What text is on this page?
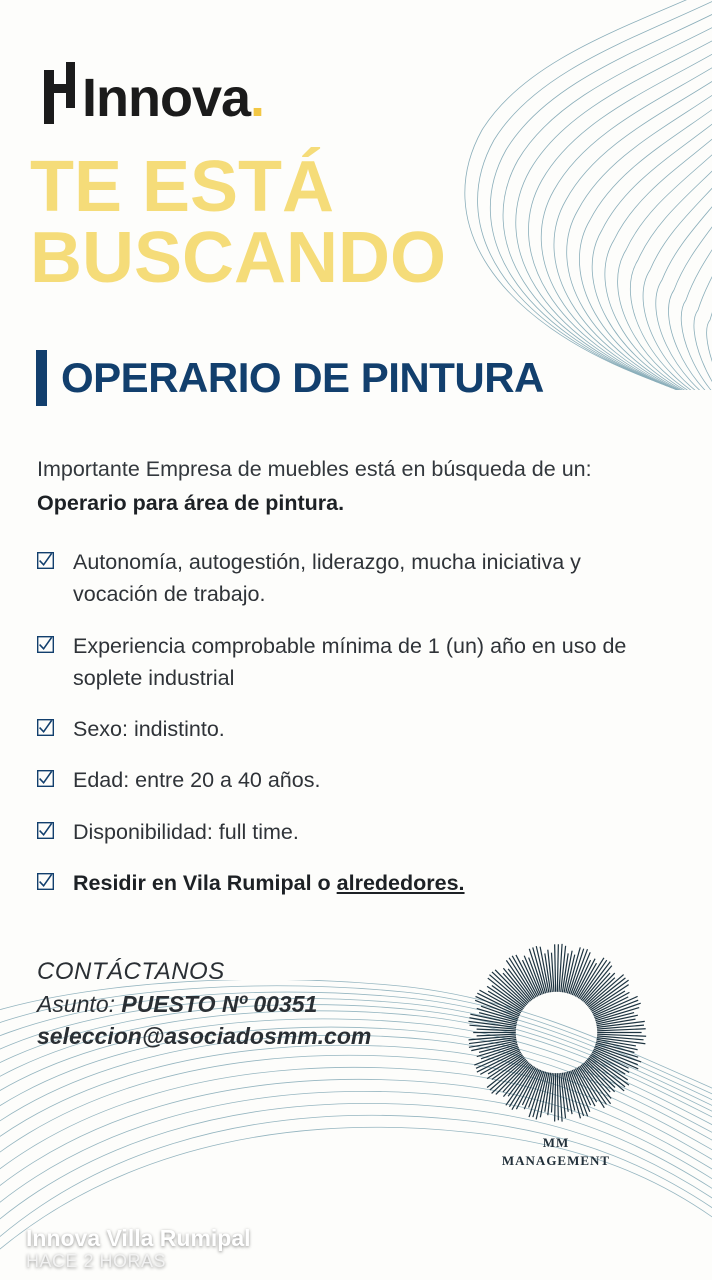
Innova .
TE ESTÁ
BUSCANDO
OPERARIO DE PINTURA
Importante Empresa de muebles está en búsqueda de un: Operario para área de pintura.
Autonomía, autogestión, liderazgo, mucha iniciativa y vocación de trabajo.
Experiencia comprobable mínima de 1 (un) año en uso de soplete industrial
Sexo: indistinto.
Edad: entre 20 a 40 años.
Disponibilidad: full time.
Residir en Vila Rumipal o alrededores.
CONTÁCTANOS
Asunto: PUESTO Nº 00351
seleccion@asociadosmm.com
MM
MANAGEMENT
Innova Villa Rumipal
HACE 2 HORAS
